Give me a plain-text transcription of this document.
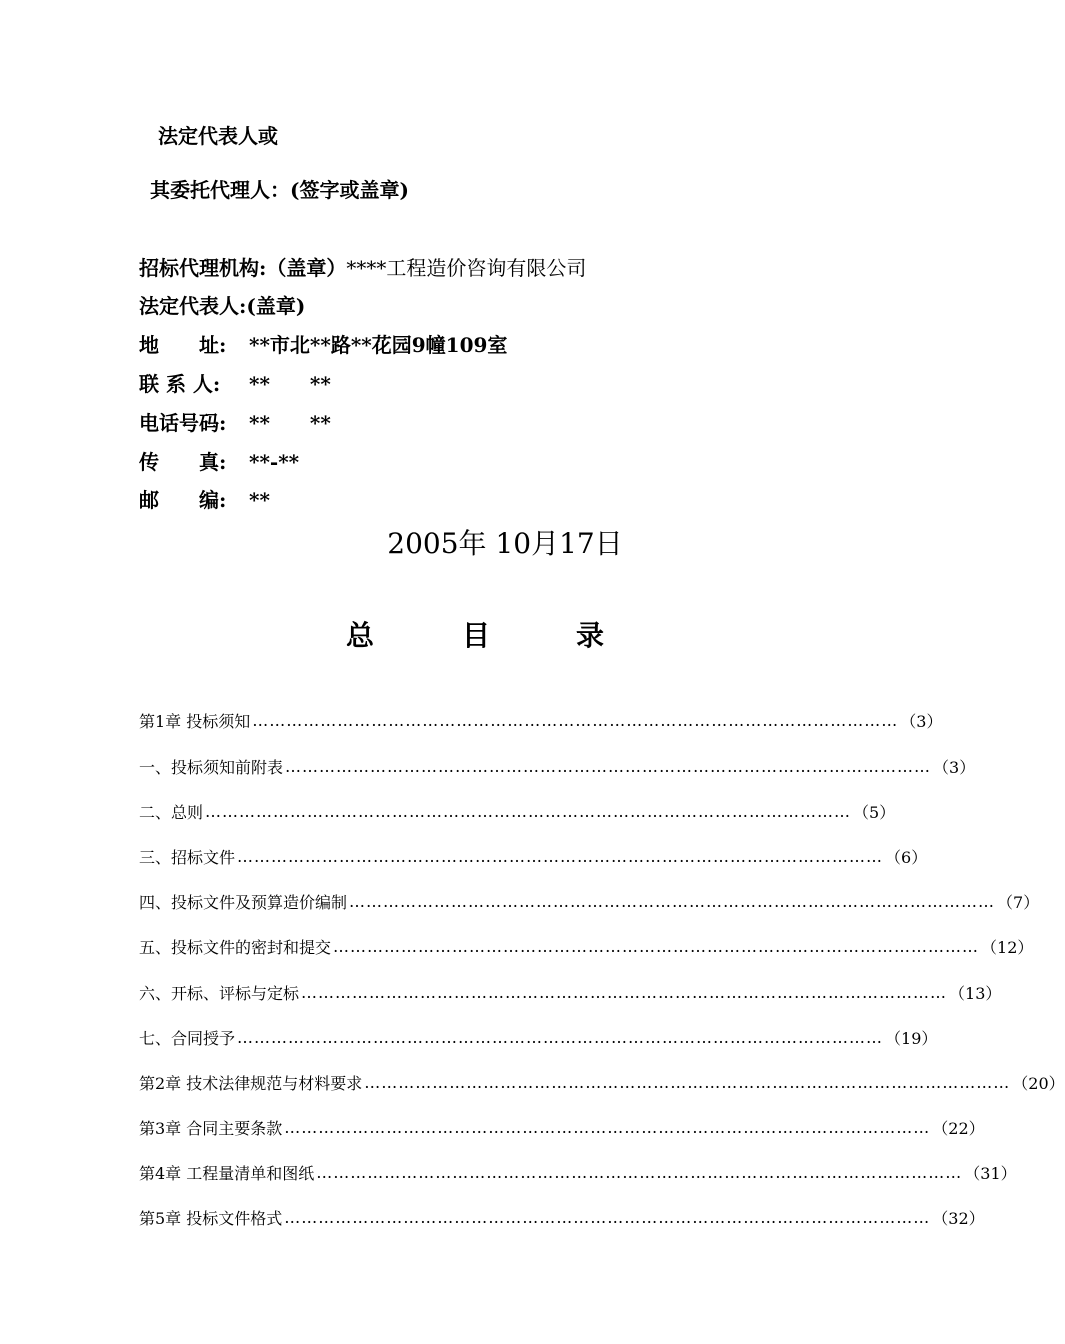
法定代表人或
其委托代理人：(签字或盖章)
招标代理机构:（盖章）****工程造价咨询有限公司
法定代表人:(盖章)
地　　址: **市北**路**花园9幢109室
联 系 人: **　　**
电话号码: **　　**
传　　真: **-**
邮　　编: **
2005年 10月17日
总	目	录
第1章 投标须知 …………………………………………………………………………………………………… （3）
一、投标须知前附表 …………………………………………………………………………………………………… （3）
二、总则 …………………………………………………………………………………………………… （5）
三、招标文件 …………………………………………………………………………………………………… （6）
四、投标文件及预算造价编制 …………………………………………………………………………………………………… （7）
五、投标文件的密封和提交 …………………………………………………………………………………………………… （12）
六、开标、评标与定标 …………………………………………………………………………………………………… （13）
七、合同授予 …………………………………………………………………………………………………… （19）
第2章 技术法律规范与材料要求 …………………………………………………………………………………………………… （20）
第3章 合同主要条款 …………………………………………………………………………………………………… （22）
第4章 工程量清单和图纸 …………………………………………………………………………………………………… （31）
第5章 投标文件格式 …………………………………………………………………………………………………… （32）
